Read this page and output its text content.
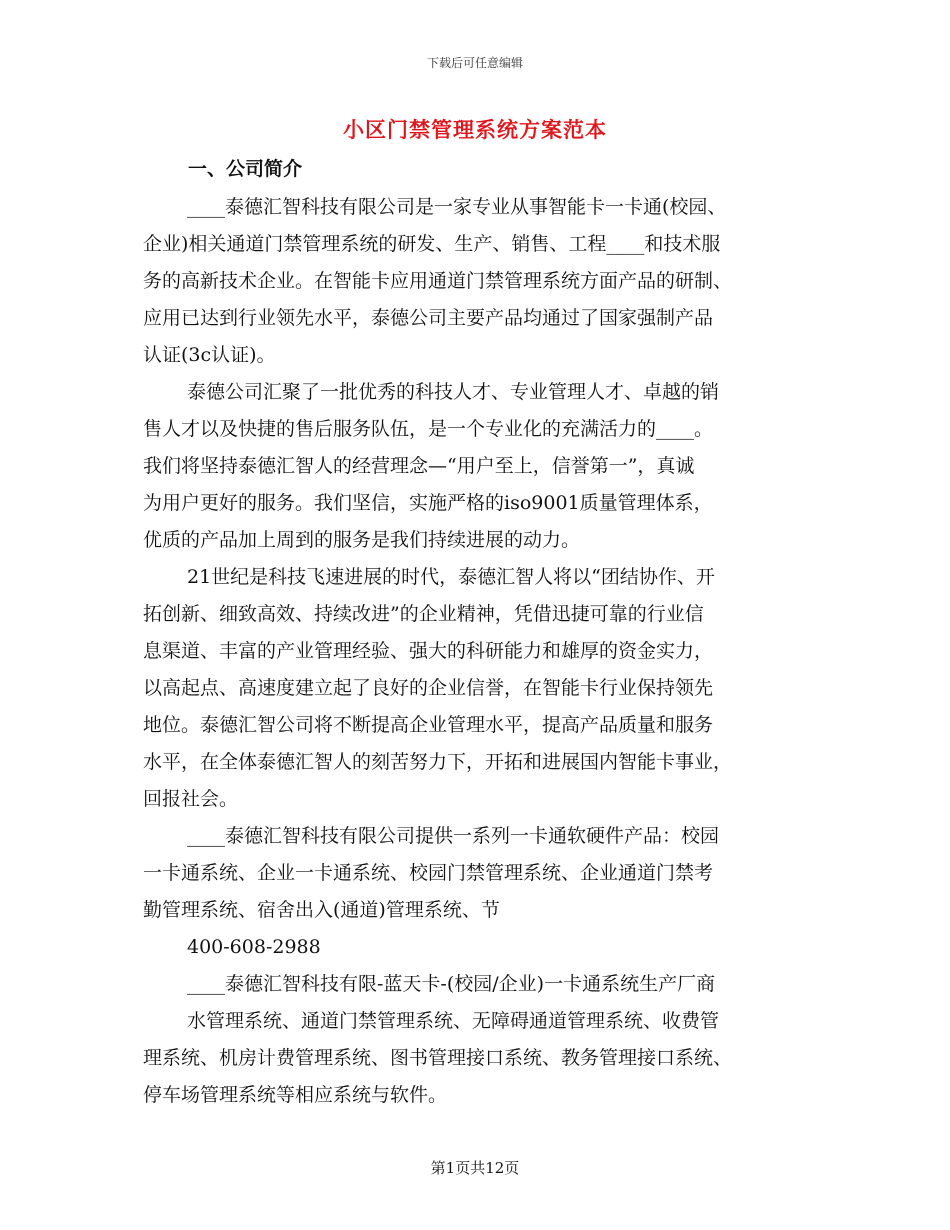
下载后可任意编辑
小区门禁管理系统方案范本
一、公司简介
____泰德汇智科技有限公司是一家专业从事智能卡一卡通(校园、
企业)相关通道门禁管理系统的研发、生产、销售、工程____和技术服
务的高新技术企业。在智能卡应用通道门禁管理系统方面产品的研制、
应用已达到行业领先水平，泰德公司主要产品均通过了国家强制产品
认证(3c认证)。
泰德公司汇聚了一批优秀的科技人才、专业管理人才、卓越的销
售人才以及快捷的售后服务队伍，是一个专业化的充满活力的____。
我们将坚持泰德汇智人的经营理念—“用户至上，信誉第一”，真诚
为用户更好的服务。我们坚信，实施严格的iso9001质量管理体系，
优质的产品加上周到的服务是我们持续进展的动力。
21世纪是科技飞速进展的时代，泰德汇智人将以“团结协作、开
拓创新、细致高效、持续改进”的企业精神，凭借迅捷可靠的行业信
息渠道、丰富的产业管理经验、强大的科研能力和雄厚的资金实力，
以高起点、高速度建立起了良好的企业信誉，在智能卡行业保持领先
地位。泰德汇智公司将不断提高企业管理水平，提高产品质量和服务
水平，在全体泰德汇智人的刻苦努力下，开拓和进展国内智能卡事业，
回报社会。
____泰德汇智科技有限公司提供一系列一卡通软硬件产品：校园
一卡通系统、企业一卡通系统、校园门禁管理系统、企业通道门禁考
勤管理系统、宿舍出入(通道)管理系统、节
400-608-2988
____泰德汇智科技有限-蓝天卡-(校园/企业)一卡通系统生产厂商
水管理系统、通道门禁管理系统、无障碍通道管理系统、收费管
理系统、机房计费管理系统、图书管理接口系统、教务管理接口系统、
停车场管理系统等相应系统与软件。
第1页共12页
